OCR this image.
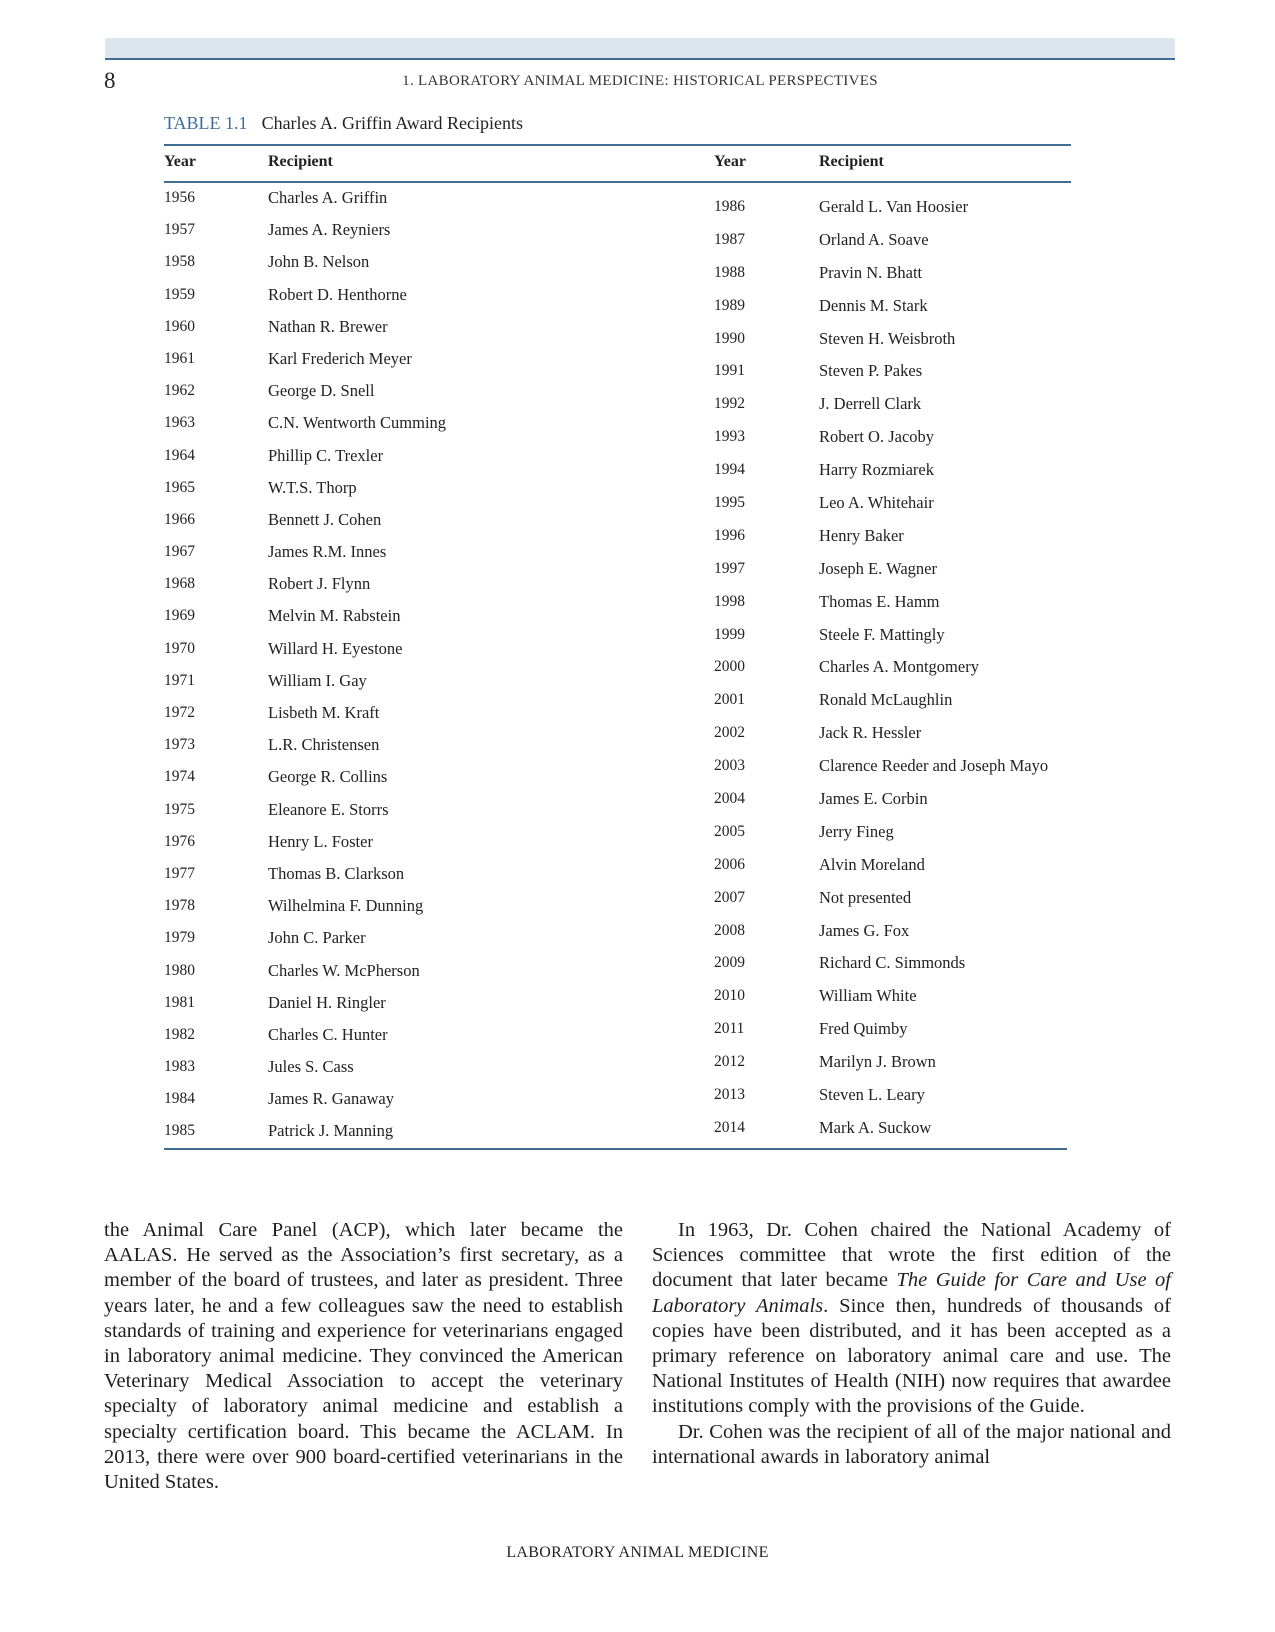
8	1. LABORATORY ANIMAL MEDICINE: HISTORICAL PERSPECTIVES
TABLE 1.1 Charles A. Griffin Award Recipients
Year	Recipient	Year	Recipient
1956	Charles A. Griffin
1957	James A. Reyniers
1958	John B. Nelson
1959	Robert D. Henthorne
1960	Nathan R. Brewer
1961	Karl Frederich Meyer
1962	George D. Snell
1963	C.N. Wentworth Cumming
1964	Phillip C. Trexler
1965	W.T.S. Thorp
1966	Bennett J. Cohen
1967	James R.M. Innes
1968	Robert J. Flynn
1969	Melvin M. Rabstein
1970	Willard H. Eyestone
1971	William I. Gay
1972	Lisbeth M. Kraft
1973	L.R. Christensen
1974	George R. Collins
1975	Eleanore E. Storrs
1976	Henry L. Foster
1977	Thomas B. Clarkson
1978	Wilhelmina F. Dunning
1979	John C. Parker
1980	Charles W. McPherson
1981	Daniel H. Ringler
1982	Charles C. Hunter
1983	Jules S. Cass
1984	James R. Ganaway
1985	Patrick J. Manning
1986	Gerald L. Van Hoosier
1987	Orland A. Soave
1988	Pravin N. Bhatt
1989	Dennis M. Stark
1990	Steven H. Weisbroth
1991	Steven P. Pakes
1992	J. Derrell Clark
1993	Robert O. Jacoby
1994	Harry Rozmiarek
1995	Leo A. Whitehair
1996	Henry Baker
1997	Joseph E. Wagner
1998	Thomas E. Hamm
1999	Steele F. Mattingly
2000	Charles A. Montgomery
2001	Ronald McLaughlin
2002	Jack R. Hessler
2003	Clarence Reeder and Joseph Mayo
2004	James E. Corbin
2005	Jerry Fineg
2006	Alvin Moreland
2007	Not presented
2008	James G. Fox
2009	Richard C. Simmonds
2010	William White
2011	Fred Quimby
2012	Marilyn J. Brown
2013	Steven L. Leary
2014	Mark A. Suckow

the Animal Care Panel (ACP), which later became the AALAS. He served as the Association’s first secretary, as a member of the board of trustees, and later as president. Three years later, he and a few colleagues saw the need to establish standards of training and experience for veterinarians engaged in laboratory animal medicine. They convinced the American Veterinary Medical Association to accept the veterinary specialty of laboratory animal medicine and establish a specialty certification board. This became the ACLAM. In 2013, there were over 900 board-certified veterinarians in the United States.

In 1963, Dr. Cohen chaired the National Academy of Sciences committee that wrote the first edition of the document that later became The Guide for Care and Use of Laboratory Animals. Since then, hundreds of thousands of copies have been distributed, and it has been accepted as a primary reference on laboratory animal care and use. The National Institutes of Health (NIH) now requires that awardee institutions comply with the provisions of the Guide.

Dr. Cohen was the recipient of all of the major national and international awards in laboratory animal

LABORATORY ANIMAL MEDICINE
